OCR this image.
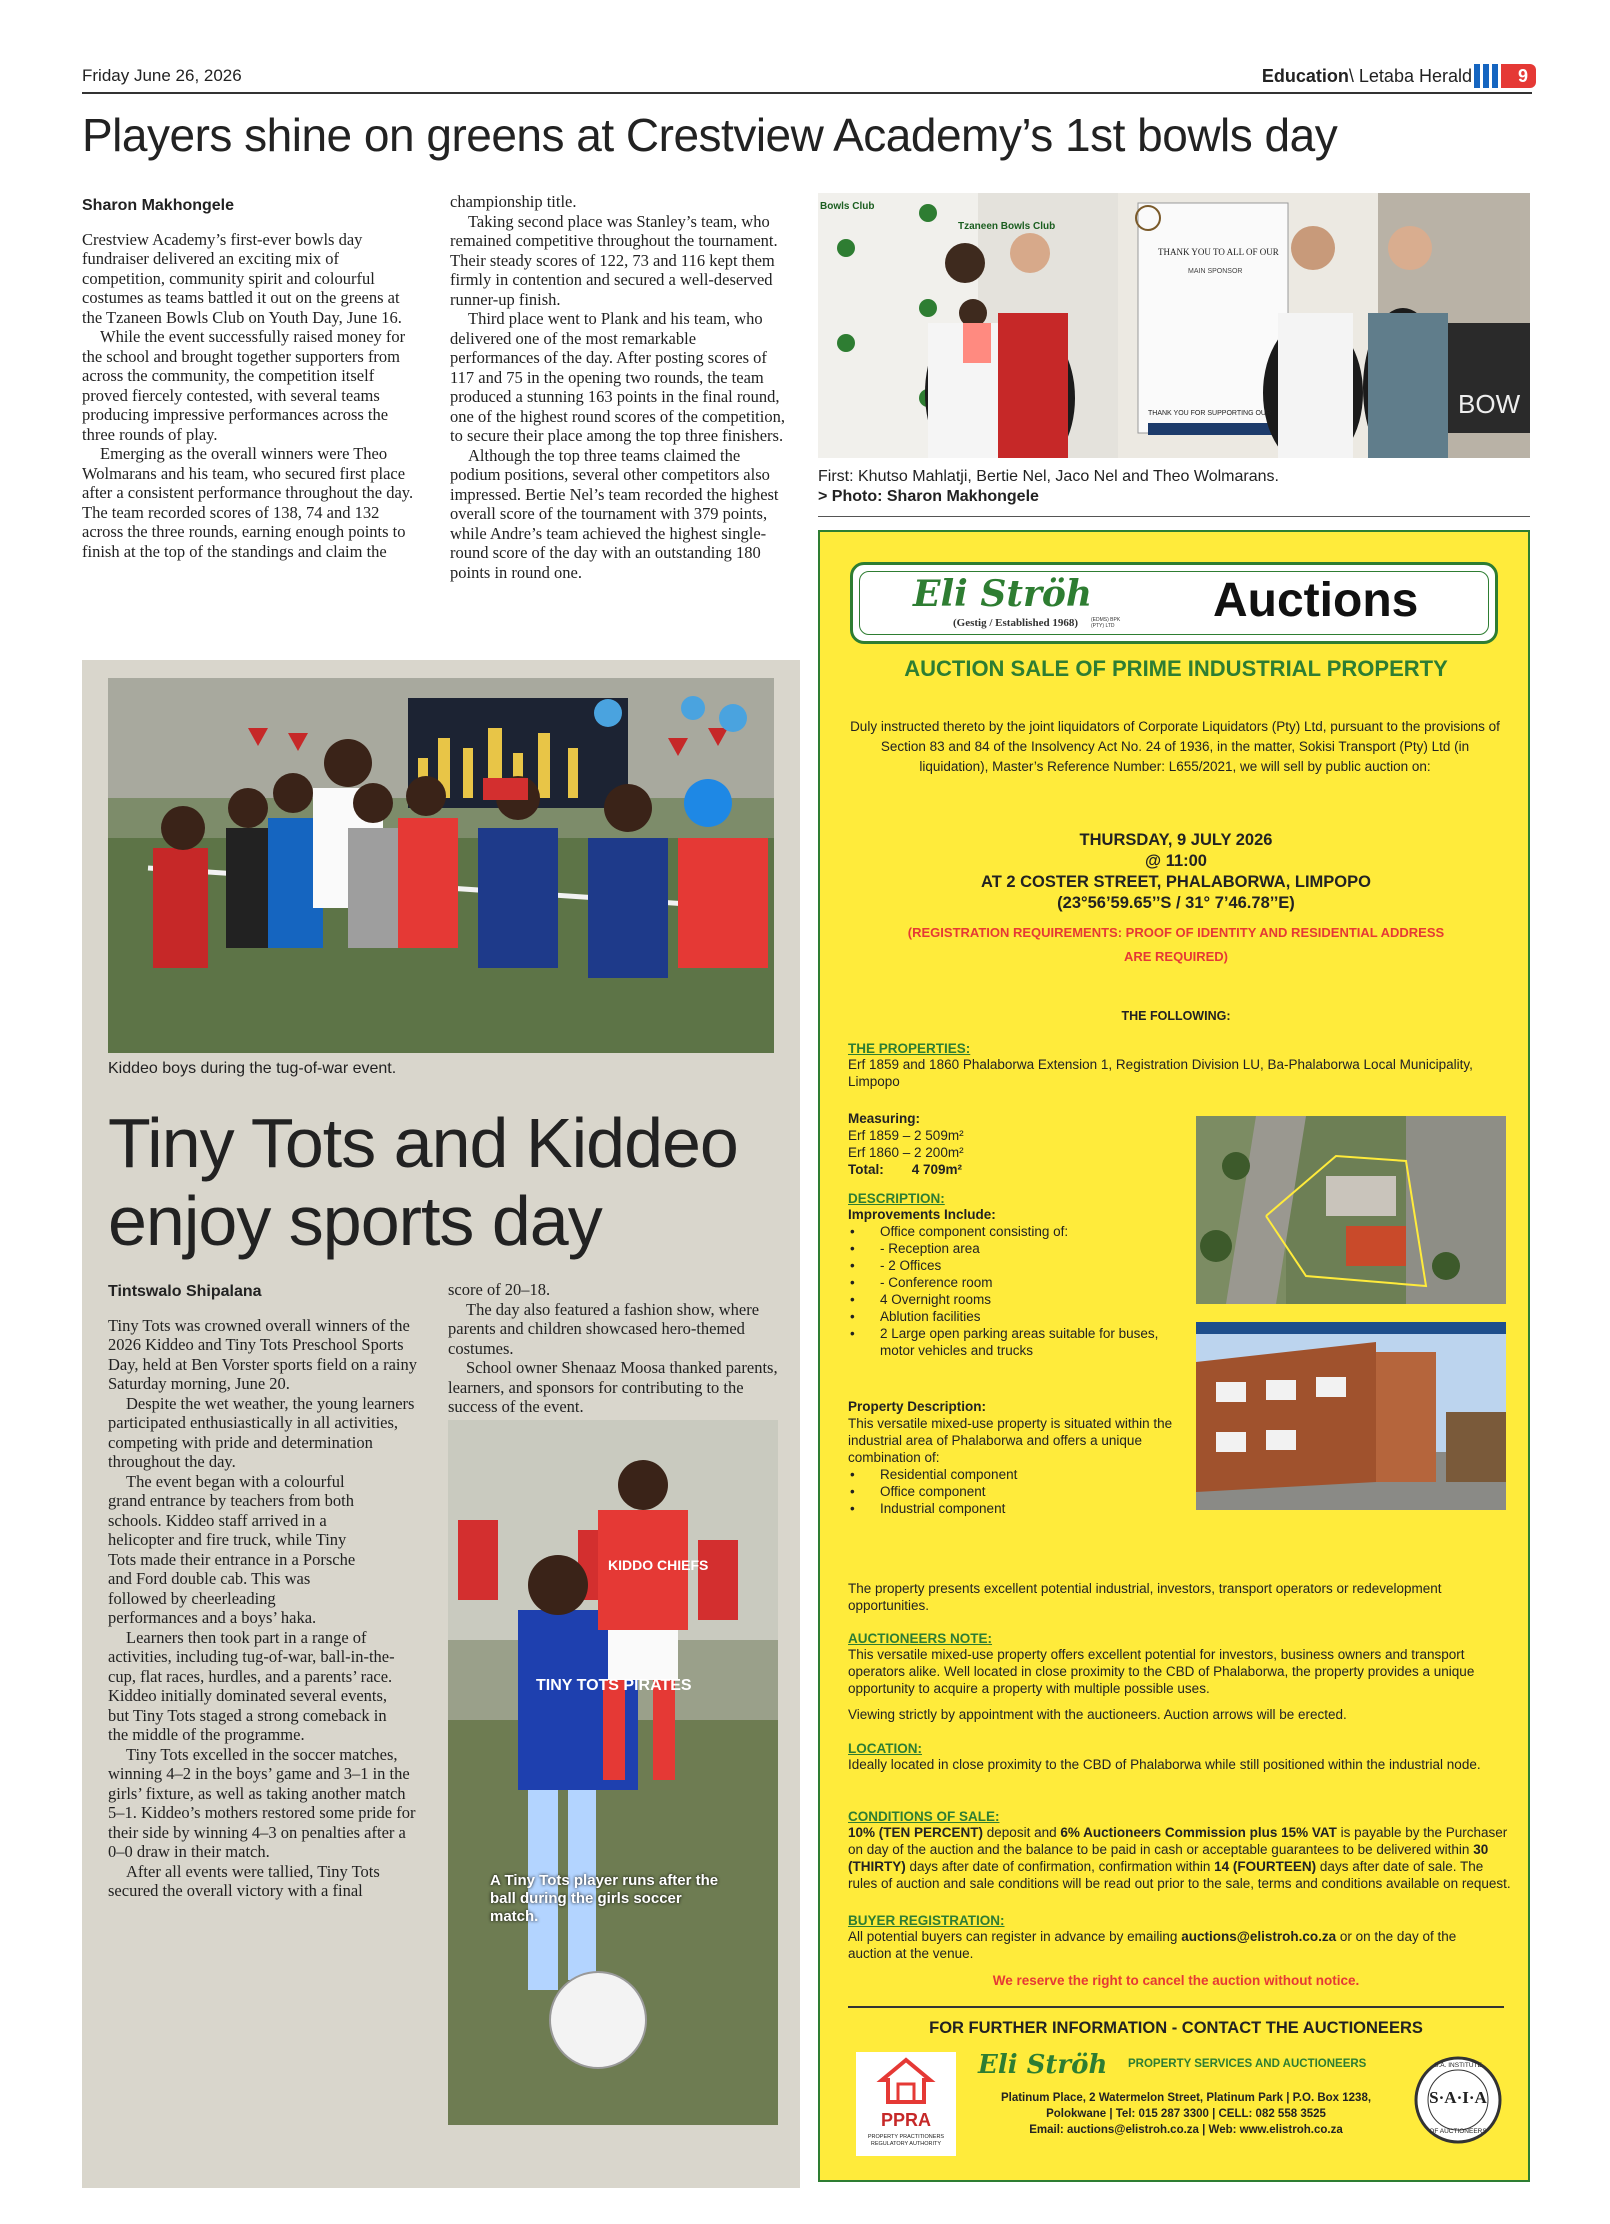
Friday June 26, 2026	Education\ Letaba Herald	9
Players shine on greens at Crestview Academy’s 1st bowls day
Sharon Makhongele

Crestview Academy’s first-ever bowls day fundraiser delivered an exciting mix of competition, community spirit and colourful costumes as teams battled it out on the greens at the Tzaneen Bowls Club on Youth Day, June 16.

While the event successfully raised money for the school and brought together supporters from across the community, the competition itself proved fiercely contested, with several teams producing impressive performances across the three rounds of play.

Emerging as the overall winners were Theo Wolmarans and his team, who secured first place after a consistent performance throughout the day. The team recorded scores of 138, 74 and 132 across the three rounds, earning enough points to finish at the top of the standings and claim the

championship title.

Taking second place was Stanley’s team, who remained competitive throughout the tournament. Their steady scores of 122, 73 and 116 kept them firmly in contention and secured a well-deserved runner-up finish.

Third place went to Plank and his team, who delivered one of the most remarkable performances of the day. After posting scores of 117 and 75 in the opening two rounds, the team produced a stunning 163 points in the final round, one of the highest round scores of the competition, to secure their place among the top three finishers.

Although the top three teams claimed the podium positions, several other competitors also impressed. Bertie Nel’s team recorded the highest overall score of the tournament with 379 points, while Andre’s team achieved the highest single-round score of the day with an outstanding 180 points in round one.

Bowls Club
Tzaneen Bowls Club
THANK YOU TO ALL OF OUR
MAIN SPONSOR
THANK YOU FOR SUPPORTING OUR	BOW
First: Khutso Mahlatji, Bertie Nel, Jaco Nel and Theo Wolmarans.
> Photo: Sharon Makhongele
Kiddeo boys during the tug-of-war event.
Tiny Tots and Kiddeo
enjoy sports day
Tintswalo Shipalana

Tiny Tots was crowned overall winners of the 2026 Kiddeo and Tiny Tots Preschool Sports Day, held at Ben Vorster sports field on a rainy Saturday morning, June 20.

Despite the wet weather, the young learners participated enthusiastically in all activities, competing with pride and determination throughout the day.

The event began with a colourful grand entrance by teachers from both schools. Kiddeo staff arrived in a helicopter and fire truck, while Tiny Tots made their entrance in a Porsche and Ford double cab. This was followed by cheerleading performances and a boys’ haka.

Learners then took part in a range of activities, including tug-of-war, ball-in-the-cup, flat races, hurdles, and a parents’ race. Kiddeo initially dominated several events, but Tiny Tots staged a strong comeback in the middle of the programme.

Tiny Tots excelled in the soccer matches, winning 4–2 in the boys’ game and 3–1 in the girls’ fixture, as well as taking another match 5–1. Kiddeo’s mothers restored some pride for their side by winning 4–3 on penalties after a 0–0 draw in their match.

After all events were tallied, Tiny Tots secured the overall victory with a final

score of 20–18.

The day also featured a fashion show, where parents and children showcased hero-themed costumes.

School owner Shenaaz Moosa thanked parents, learners, and sponsors for contributing to the success of the event.

TINY TOTS PIRATES
KIDDO CHIEFS
A Tiny Tots player runs after the ball during the girls soccer match.
Eli Ströh
(Gestig / Established 1968)	(EDMS) BPK (PTY) LTD Auctions
AUCTION SALE OF PRIME INDUSTRIAL PROPERTY
Duly instructed thereto by the joint liquidators of Corporate Liquidators (Pty) Ltd, pursuant to the provisions of Section 83 and 84 of the Insolvency Act No. 24 of 1936, in the matter, Sokisi Transport (Pty) Ltd (in liquidation), Master’s Reference Number: L655/2021, we will sell by public auction on:
THURSDAY, 9 JULY 2026
@ 11:00
AT 2 COSTER STREET, PHALABORWA, LIMPOPO
(23°56’59.65’’S / 31° 7’46.78’’E)
(REGISTRATION REQUIREMENTS: PROOF OF IDENTITY AND RESIDENTIAL ADDRESS
ARE REQUIRED)
THE FOLLOWING:
THE PROPERTIES:
Erf 1859 and 1860 Phalaborwa Extension 1, Registration Division LU, Ba-Phalaborwa Local Municipality, Limpopo
Measuring:
Erf 1859 – 2 509m²
Erf 1860 – 2 200m²
Total: 4 709m²
DESCRIPTION:
Improvements Include:
• Office component consisting of:
• - Reception area
• - 2 Offices
• - Conference room
• 4 Overnight rooms
• Ablution facilities
• 2 Large open parking areas suitable for buses, motor vehicles and trucks
Property Description:
This versatile mixed-use property is situated within the industrial area of Phalaborwa and offers a unique combination of:
• Residential component
• Office component
• Industrial component
The property presents excellent potential industrial, investors, transport operators or redevelopment opportunities.
AUCTIONEERS NOTE:
This versatile mixed-use property offers excellent potential for investors, business owners and transport operators alike. Well located in close proximity to the CBD of Phalaborwa, the property provides a unique opportunity to acquire a property with multiple possible uses.
Viewing strictly by appointment with the auctioneers. Auction arrows will be erected.
LOCATION:
Ideally located in close proximity to the CBD of Phalaborwa while still positioned within the industrial node.
CONDITIONS OF SALE:
10% (TEN PERCENT) deposit and 6% Auctioneers Commission plus 15% VAT is payable by the Purchaser on day of the auction and the balance to be paid in cash or acceptable guarantees to be delivered within 30 (THIRTY) days after date of confirmation, confirmation within 14 (FOURTEEN) days after date of sale. The rules of auction and sale conditions will be read out prior to the sale, terms and conditions available on request.
BUYER REGISTRATION:
All potential buyers can register in advance by emailing auctions@elistroh.co.za or on the day of the auction at the venue.
We reserve the right to cancel the auction without notice.
FOR FURTHER INFORMATION - CONTACT THE AUCTIONEERS
PPRA
PROPERTY PRACTITIONERS REGULATORY AUTHORITY
Eli Ströh PROPERTY SERVICES AND AUCTIONEERS
Platinum Place, 2 Watermelon Street, Platinum Park | P.O. Box 1238,
Polokwane | Tel: 015 287 3300 | CELL: 082 558 3525
Email: auctions@elistroh.co.za | Web: www.elistroh.co.za
S·A·I·A
S.A. INSTITUTE
OF AUCTIONEERS
